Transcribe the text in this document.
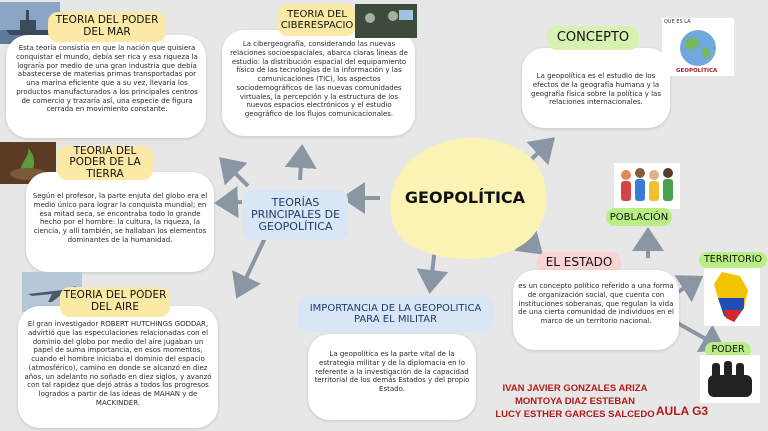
GEOPOLÍTICA
TEORÍAS PRINCIPALES DE GEOPOLÍTICA
TEORIA DEL PODER DEL MAR
Esta teoría consistía en que la nación que quisiera conquistar el mundo, debía ser rica y esa riqueza la lograría por medio de una gran industria que debía abastecerse de materias primas transportadas por una marina eficiente que a su vez, llevaría los productos manufacturados a los principales centros de comercio y trazaría así, una especie de figura cerrada en movimiento constante.
TEORIA DEL CIBERESPACIO
La cibergeografía, considerando las nuevas relaciones socioespaciales, abarca claras líneas de estudio: la distribución espacial del equipamiento físico de las tecnologías de la información y las comunicaciones (TIC), los aspectos sociodemográficos de las nuevas comunidades virtuales, la percepción y la estructura de los nuevos espacios electrónicos y el estudio geográfico de los flujos comunicacionales.
TEORIA DEL PODER DE LA TIERRA
Según el profesor, la parte enjuta del globo era el medio único para lograr la conquista mundial; en esa mitad seca, se encontraba todo lo grande hecho por el hombre: la cultura, la riqueza, la ciencia, y allí también, se hallaban los elementos dominantes de la humanidad.
TEORIA DEL PODER DEL AIRE
El gran investigador ROBERT HUTCHINGS GODDAR, advirtió que las especulaciones relacionadas con el dominio del globo por medio del aire jugaban un papel de suma importancia, en esos momentos, cuando el hombre iniciaba el dominio del espacio (atmosférico), camino en donde se alcanzó en diez años, un adelanto no soñado en diez siglos, y avanzó con tal rapidez que dejó atrás a todos los progresos logrados a partir de las ideas de MAHAN y de MACKINDER.
CONCEPTO
La geopolítica es el estudio de los efectos de la geografía humana y la geografía física sobre la política y las relaciones internacionales.
QUE ES LA
GEOPOLÍTICA
IMPORTANCIA DE LA GEOPOLITICA PARA EL MILITAR
La geopolítica es la parte vital de la estrategia militar y de la diplomacia en lo referente a la investigación de la capacidad territorial de los demás Estados y del propio Estado.
EL ESTADO
es un concepto político referido a una forma de organización social, que cuenta con instituciones soberanas, que regulan la vida de una cierta comunidad de individuos en el marco de un territorio nacional.
POBLACIÓN
TERRITORIO
PODER
IVAN JAVIER GONZALES ARIZA
MONTOYA DIAZ ESTEBAN
LUCY ESTHER GARCES SALCEDO AULA G3
